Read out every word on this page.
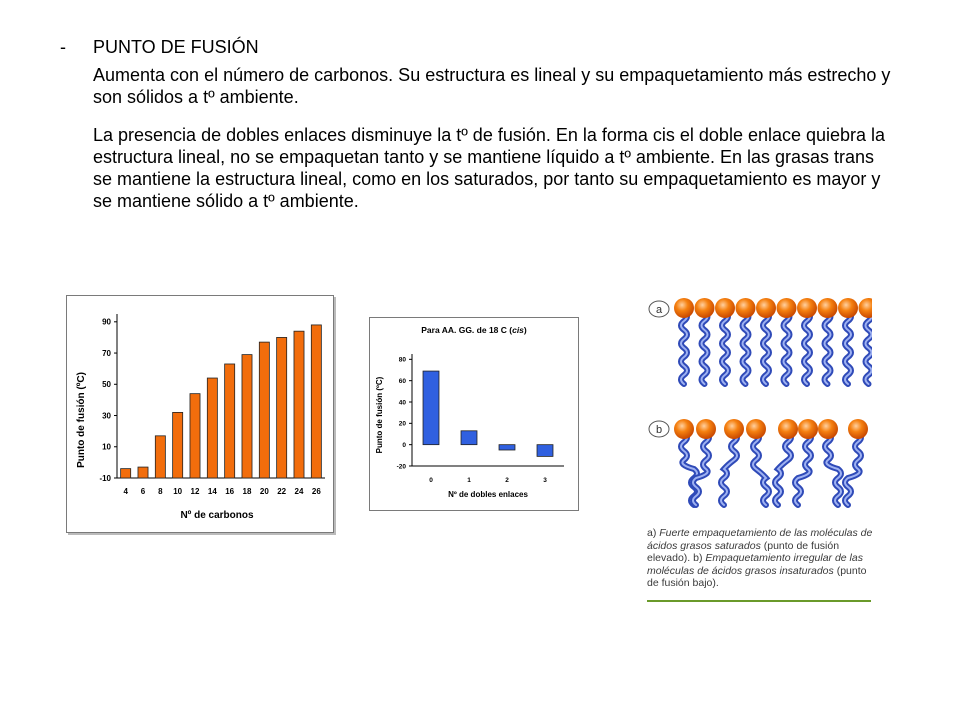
- PUNTO DE FUSIÓN

Aumenta con el número de carbonos. Su estructura es lineal y su empaquetamiento más estrecho y son sólidos a tº ambiente.

La presencia de dobles enlaces disminuye la tº de fusión. En la forma cis el doble enlace quiebra la estructura lineal, no se empaquetan tanto y se mantiene líquido a tº ambiente. En las grasas trans se mantiene la estructura lineal, como en los saturados, por tanto su empaquetamiento es mayor y se mantiene sólido a tº ambiente.

-10
10
30
50
70
90
4 6 8 10 12 14 16 18 20 22 24 26
Nº de carbonos
Punto de fusión (ºC)
Para AA. GG. de 18 C (cis)
-20
0
20
40
60
80
0	1	2	3
Nº de dobles enlaces
Punto de fusión (ºC)
a
b

a) Fuerte empaquetamiento de las moléculas de ácidos grasos saturados (punto de fusión elevado). b) Empaquetamiento irregular de las moléculas de ácidos grasos insaturados (punto de fusión bajo).
